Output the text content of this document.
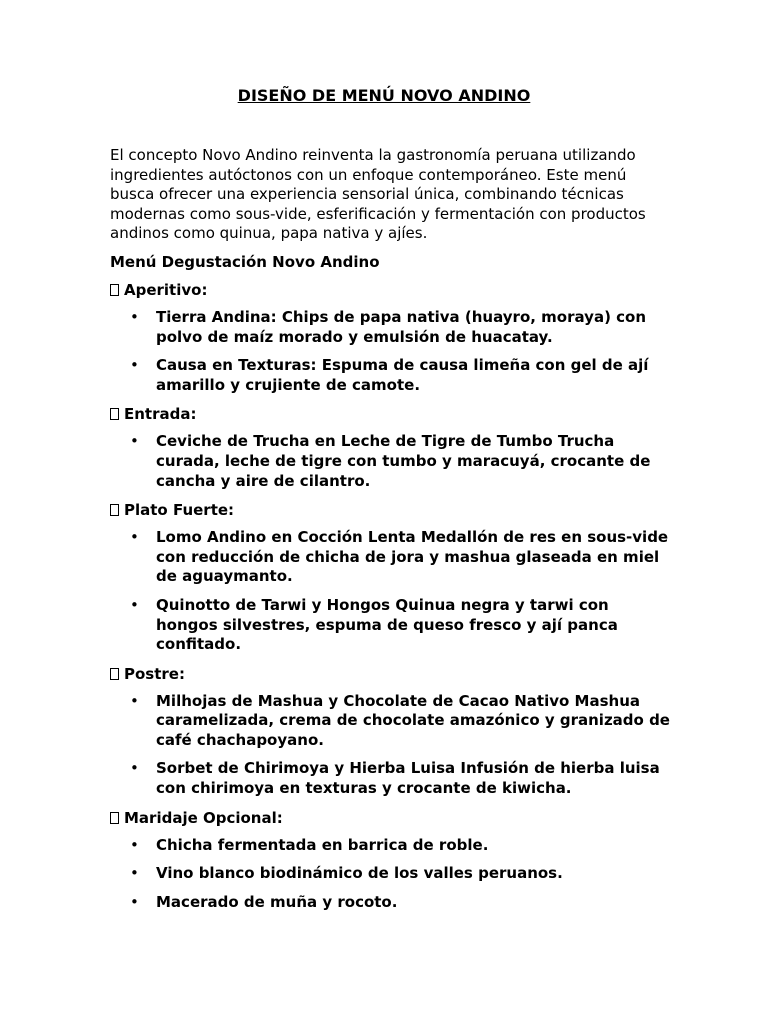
DISEÑO DE MENÚ NOVO ANDINO

El concepto Novo Andino reinventa la gastronomía peruana utilizando ingredientes autóctonos con un enfoque contemporáneo. Este menú busca ofrecer una experiencia sensorial única, combinando técnicas modernas como sous-vide, esferificación y fermentación con productos andinos como quinua, papa nativa y ajíes.

Menú Degustación Novo Andino

Aperitivo:

• Tierra Andina: Chips de papa nativa (huayro, moraya) con polvo de maíz morado y emulsión de huacatay.
• Causa en Texturas: Espuma de causa limeña con gel de ají amarillo y crujiente de camote.

Entrada:

• Ceviche de Trucha en Leche de Tigre de Tumbo Trucha curada, leche de tigre con tumbo y maracuyá, crocante de cancha y aire de cilantro.

Plato Fuerte:

• Lomo Andino en Cocción Lenta Medallón de res en sous-vide con reducción de chicha de jora y mashua glaseada en miel de aguaymanto.
• Quinotto de Tarwi y Hongos Quinua negra y tarwi con hongos silvestres, espuma de queso fresco y ají panca confitado.

Postre:

• Milhojas de Mashua y Chocolate de Cacao Nativo Mashua caramelizada, crema de chocolate amazónico y granizado de café chachapoyano.
• Sorbet de Chirimoya y Hierba Luisa Infusión de hierba luisa con chirimoya en texturas y crocante de kiwicha.

Maridaje Opcional:

• Chicha fermentada en barrica de roble.
• Vino blanco biodinámico de los valles peruanos.
• Macerado de muña y rocoto.
